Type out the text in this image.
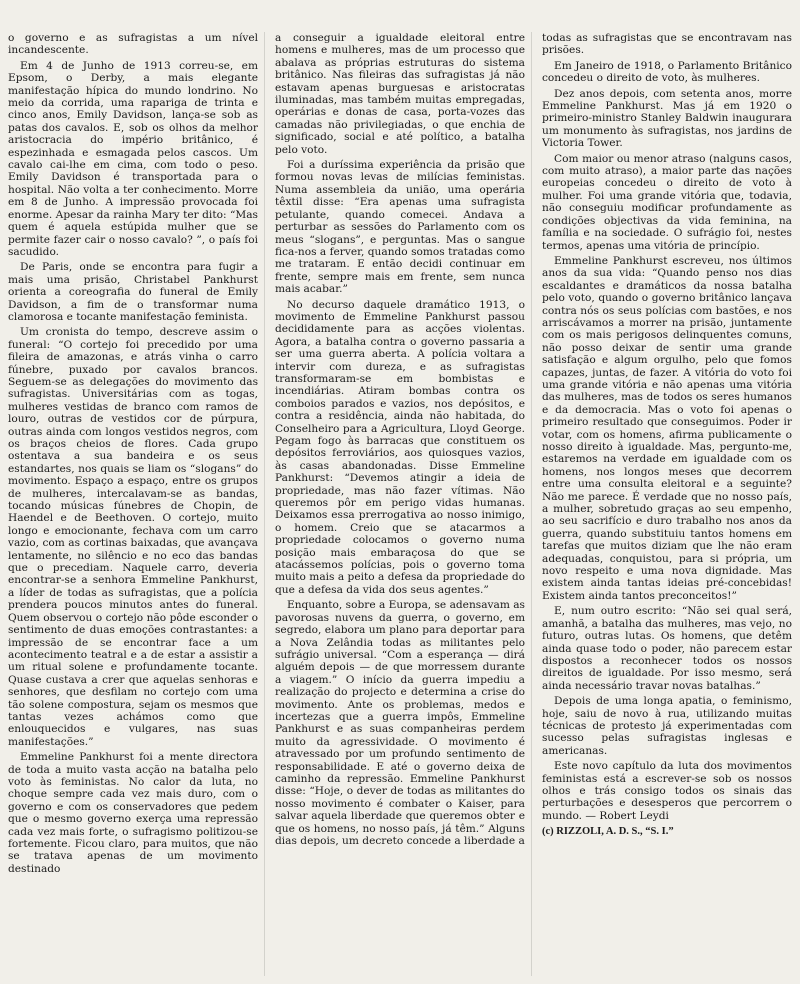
o governo e as sufragistas a um nível incandescente.

Em 4 de Junho de 1913 correu-se, em Epsom, o Derby, a mais elegante manifestação hípica do mundo londrino. No meio da corrida, uma rapariga de trinta e cinco anos, Emily Davidson, lança-se sob as patas dos cavalos. E, sob os olhos da melhor aristocracia do império britânico, é espezinhada e esmagada pelos cascos. Um cavalo cai-lhe em cima, com todo o peso. Emily Davidson é transportada para o hospital. Não volta a ter conhecimento. Morre em 8 de Junho. A impressão provocada foi enorme. Apesar da rainha Mary ter dito: “Mas quem é aquela estúpida mulher que se permite fazer cair o nosso cavalo? ”, o país foi sacudido.

De Paris, onde se encontra para fugir a mais uma prisão, Christabel Pankhurst orienta a coreografia do funeral de Emily Davidson, a fim de o transformar numa clamorosa e tocante manifestação feminista.

Um cronista do tempo, descreve assim o funeral: “O cortejo foi precedido por uma fileira de amazonas, e atrás vinha o carro fúnebre, puxado por cavalos brancos. Seguem-se as delegações do movimento das sufragistas. Universitárias com as togas, mulheres vestidas de branco com ramos de louro, outras de vestidos cor de púrpura, outras ainda com longos vestidos negros, com os braços cheios de flores. Cada grupo ostentava a sua bandeira e os seus estandartes, nos quais se liam os “slogans” do movimento. Espaço a espaço, entre os grupos de mulheres, intercalavam-se as bandas, tocando músicas fúnebres de Chopin, de Haendel e de Beethoven. O cortejo, muito longo e emocionante, fechava com um carro vazio, com as cortinas baixadas, que avançava lentamente, no silêncio e no eco das bandas que o precediam. Naquele carro, deveria encontrar-se a senhora Emmeline Pankhurst, a líder de todas as sufragistas, que a polícia prendera poucos minutos antes do funeral. Quem observou o cortejo não pôde esconder o sentimento de duas emoções contrastantes: a impressão de se encontrar face a um acontecimento teatral e a de estar a assistir a um ritual solene e profundamente tocante. Quase custava a crer que aquelas senhoras e senhores, que desfilam no cortejo com uma tão solene compostura, sejam os mesmos que tantas vezes achámos como que enlouquecidos e vulgares, nas suas manifestações.”

Emmeline Pankhurst foi a mente directora de toda a muito vasta acção na batalha pelo voto às feministas. No calor da luta, no choque sempre cada vez mais duro, com o governo e com os conservadores que pedem que o mesmo governo exerça uma repressão cada vez mais forte, o sufragismo politizou-se fortemente. Ficou claro, para muitos, que não se tratava apenas de um movimento destinado

a conseguir a igualdade eleitoral entre homens e mulheres, mas de um processo que abalava as próprias estruturas do sistema britânico. Nas fileiras das sufragistas já não estavam apenas burguesas e aristocratas iluminadas, mas também muitas empregadas, operárias e donas de casa, porta-vozes das camadas não privilegiadas, o que enchia de significado, social e até político, a batalha pelo voto.

Foi a duríssima experiência da prisão que formou novas levas de milícias feministas. Numa assembleia da união, uma operária têxtil disse: “Era apenas uma sufragista petulante, quando comecei. Andava a perturbar as sessões do Parlamento com os meus “slogans”, e perguntas. Mas o sangue fica-nos a ferver, quando somos tratadas como me trataram. E então decidi continuar em frente, sempre mais em frente, sem nunca mais acabar.”

No decurso daquele dramático 1913, o movimento de Emmeline Pankhurst passou decididamente para as acções violentas. Agora, a batalha contra o governo passaria a ser uma guerra aberta. A polícia voltara a intervir com dureza, e as sufragistas transformaram-se em bombistas e incendiárias. Atiram bombas contra os comboios parados e vazios, nos depósitos, e contra a residência, ainda não habitada, do Conselheiro para a Agricultura, Lloyd George. Pegam fogo às barracas que constituem os depósitos ferroviários, aos quiosques vazios, às casas abandonadas. Disse Emmeline Pankhurst: “Devemos atingir a ideia de propriedade, mas não fazer vítimas. Não queremos pôr em perigo vidas humanas. Deixamos essa prerrogativa ao nosso inimigo, o homem. Creio que se atacarmos a propriedade colocamos o governo numa posição mais embaraçosa do que se atacássemos polícias, pois o governo toma muito mais a peito a defesa da propriedade do que a defesa da vida dos seus agentes.”

Enquanto, sobre a Europa, se adensavam as pavorosas nuvens da guerra, o governo, em segredo, elabora um plano para deportar para a Nova Zelândia todas as militantes pelo sufrágio universal. “Com a esperança — dirá alguém depois — de que morressem durante a viagem.” O início da guerra impediu a realização do projecto e determina a crise do movimento. Ante os problemas, medos e incertezas que a guerra impôs, Emmeline Pankhurst e as suas companheiras perdem muito da agressividade. O movimento é atravessado por um profundo sentimento de responsabilidade. E até o governo deixa de caminho da repressão. Emmeline Pankhurst disse: “Hoje, o dever de todas as militantes do nosso movimento é combater o Kaiser, para salvar aquela liberdade que queremos obter e que os homens, no nosso país, já têm.” Alguns dias depois, um decreto concede a liberdade a

todas as sufragistas que se encontravam nas prisões.

Em Janeiro de 1918, o Parlamento Britânico concedeu o direito de voto, às mulheres.

Dez anos depois, com setenta anos, morre Emmeline Pankhurst. Mas já em 1920 o primeiro-ministro Stanley Baldwin inaugurara um monumento às sufragistas, nos jardins de Victoria Tower.

Com maior ou menor atraso (nalguns casos, com muito atraso), a maior parte das nações europeias concedeu o direito de voto à mulher. Foi uma grande vitória que, todavia, não conseguiu modificar profundamente as condições objectivas da vida feminina, na família e na sociedade. O sufrágio foi, nestes termos, apenas uma vitória de princípio.

Emmeline Pankhurst escreveu, nos últimos anos da sua vida: “Quando penso nos dias escaldantes e dramáticos da nossa batalha pelo voto, quando o governo britânico lançava contra nós os seus polícias com bastões, e nos arriscávamos a morrer na prisão, juntamente com os mais perigosos delinquentes comuns, não posso deixar de sentir uma grande satisfação e algum orgulho, pelo que fomos capazes, juntas, de fazer. A vitória do voto foi uma grande vitória e não apenas uma vitória das mulheres, mas de todos os seres humanos e da democracia. Mas o voto foi apenas o primeiro resultado que conseguimos. Poder ir votar, com os homens, afirma publicamente o nosso direito à igualdade. Mas, pergunto-me, estaremos na verdade em igualdade com os homens, nos longos meses que decorrem entre uma consulta eleitoral e a seguinte? Não me parece. É verdade que no nosso país, a mulher, sobretudo graças ao seu empenho, ao seu sacrifício e duro trabalho nos anos da guerra, quando substituiu tantos homens em tarefas que muitos diziam que lhe não eram adequadas, conquistou, para si própria, um novo respeito e uma nova dignidade. Mas existem ainda tantas ideias pré-concebidas! Existem ainda tantos preconceitos!”

E, num outro escrito: “Não sei qual será, amanhã, a batalha das mulheres, mas vejo, no futuro, outras lutas. Os homens, que detêm ainda quase todo o poder, não parecem estar dispostos a reconhecer todos os nossos direitos de igualdade. Por isso mesmo, será ainda necessário travar novas batalhas.”

Depois de uma longa apatia, o feminismo, hoje, saiu de novo à rua, utilizando muitas técnicas de protesto já experimentadas com sucesso pelas sufragistas inglesas e americanas.

Este novo capítulo da luta dos movimentos feministas está a escrever-se sob os nossos olhos e trás consigo todos os sinais das perturbações e desesperos que percorrem o mundo. — Robert Leydi

(c) RIZZOLI, A. D. S., “S. I.”
